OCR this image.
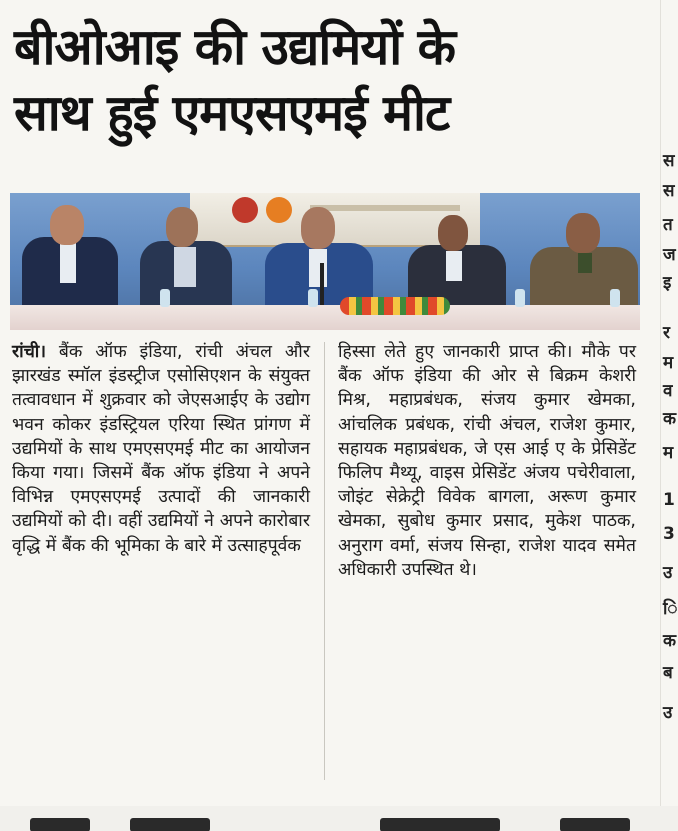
बीओआइ की उद्यमियों के
साथ हुई एमएसएमई मीट
रांची। बैंक ऑफ इंडिया, रांची अंचल और झारखंड स्मॉल इंडस्ट्रीज एसोसिएशन के संयुक्त तत्वावधान में शुक्रवार को जेएसआईए के उद्योग भवन कोकर इंडस्ट्रियल एरिया स्थित प्रांगण में उद्यमियों के साथ एमएसएमई मीट का आयोजन किया गया। जिसमें बैंक ऑफ इंडिया ने अपने विभिन्न एमएसएमई उत्पादों की जानकारी उद्यमियों को दी। वहीं उद्यमियों ने अपने कारोबार वृद्धि में बैंक की भूमिका के बारे में उत्साहपूर्वक
हिस्सा लेते हुए जानकारी प्राप्त की। मौके पर बैंक ऑफ इंडिया की ओर से बिक्रम केशरी मिश्र, महाप्रबंधक, संजय कुमार खेमका, आंचलिक प्रबंधक, रांची अंचल, राजेश कुमार, सहायक महाप्रबंधक, जे एस आई ए के प्रेसिडेंट फिलिप मैथ्यू, वाइस प्रेसिडेंट अंजय पचेरीवाला, जोइंट सेक्रेट्री विवेक बागला, अरूण कुमार खेमका, सुबोध कुमार प्रसाद, मुकेश पाठक, अनुराग वर्मा, संजय सिन्हा, राजेश यादव समेत अधिकारी उपस्थित थे।
स
स
त
ज
इ
र
म
व
क
म
1
3
उ
ि
क
ब
उ
